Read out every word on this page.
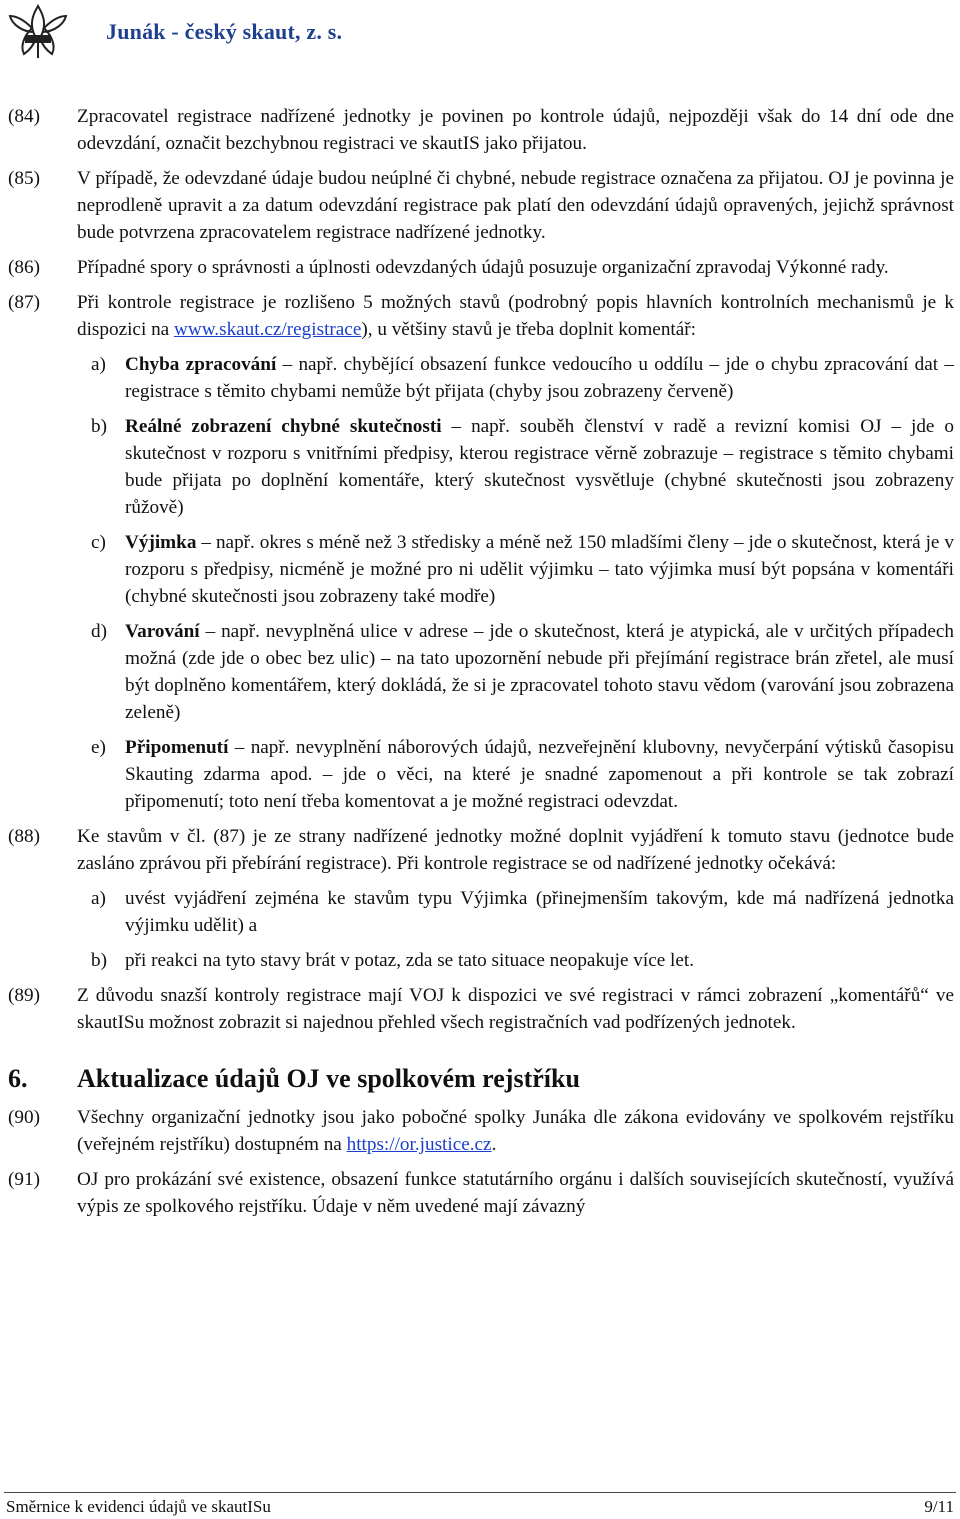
Junák - český skaut, z. s.
(84) Zpracovatel registrace nadřízené jednotky je povinen po kontrole údajů, nejpozději však do 14 dní ode dne odevzdání, označit bezchybnou registraci ve skautIS jako přijatou.
(85) V případě, že odevzdané údaje budou neúplné či chybné, nebude registrace označena za přijatou. OJ je povinna je neprodleně upravit a za datum odevzdání registrace pak platí den odevzdání údajů opravených, jejichž správnost bude potvrzena zpracovatelem registrace nadřízené jednotky.
(86) Případné spory o správnosti a úplnosti odevzdaných údajů posuzuje organizační zpravodaj Výkonné rady.
(87) Při kontrole registrace je rozlišeno 5 možných stavů (podrobný popis hlavních kontrolních mechanismů je k dispozici na www.skaut.cz/registrace), u většiny stavů je třeba doplnit komentář:
a) Chyba zpracování – např. chybějící obsazení funkce vedoucího u oddílu – jde o chybu zpracování dat – registrace s těmito chybami nemůže být přijata (chyby jsou zobrazeny červeně)
b) Reálné zobrazení chybné skutečnosti – např. souběh členství v radě a revizní komisi OJ – jde o skutečnost v rozporu s vnitřními předpisy, kterou registrace věrně zobrazuje – registrace s těmito chybami bude přijata po doplnění komentáře, který skutečnost vysvětluje (chybné skutečnosti jsou zobrazeny růžově)
c) Výjimka – např. okres s méně než 3 středisky a méně než 150 mladšími členy – jde o skutečnost, která je v rozporu s předpisy, nicméně je možné pro ni udělit výjimku – tato výjimka musí být popsána v komentáři (chybné skutečnosti jsou zobrazeny také modře)
d) Varování – např. nevyplněná ulice v adrese – jde o skutečnost, která je atypická, ale v určitých případech možná (zde jde o obec bez ulic) – na tato upozornění nebude při přejímání registrace brán zřetel, ale musí být doplněno komentářem, který dokládá, že si je zpracovatel tohoto stavu vědom (varování jsou zobrazena zeleně)
e) Připomenutí – např. nevyplnění náborových údajů, nezveřejnění klubovny, nevyčerpání výtisků časopisu Skauting zdarma apod. – jde o věci, na které je snadné zapomenout a při kontrole se tak zobrazí připomenutí; toto není třeba komentovat a je možné registraci odevzdat.
(88) Ke stavům v čl. (87) je ze strany nadřízené jednotky možné doplnit vyjádření k tomuto stavu (jednotce bude zasláno zprávou při přebírání registrace). Při kontrole registrace se od nadřízené jednotky očekává:
a) uvést vyjádření zejména ke stavům typu Výjimka (přinejmenším takovým, kde má nadřízená jednotka výjimku udělit) a
b) při reakci na tyto stavy brát v potaz, zda se tato situace neopakuje více let.
(89) Z důvodu snazší kontroly registrace mají VOJ k dispozici ve své registraci v rámci zobrazení „komentářů“ ve skautISu možnost zobrazit si najednou přehled všech registračních vad podřízených jednotek.
6. Aktualizace údajů OJ ve spolkovém rejstříku
(90) Všechny organizační jednotky jsou jako pobočné spolky Junáka dle zákona evidovány ve spolkovém rejstříku (veřejném rejstříku) dostupném na https://or.justice.cz.
(91) OJ pro prokázání své existence, obsazení funkce statutárního orgánu i dalších souvisejících skutečností, využívá výpis ze spolkového rejstříku. Údaje v něm uvedené mají závazný
Směrnice k evidenci údajů ve skautISu	9/11
